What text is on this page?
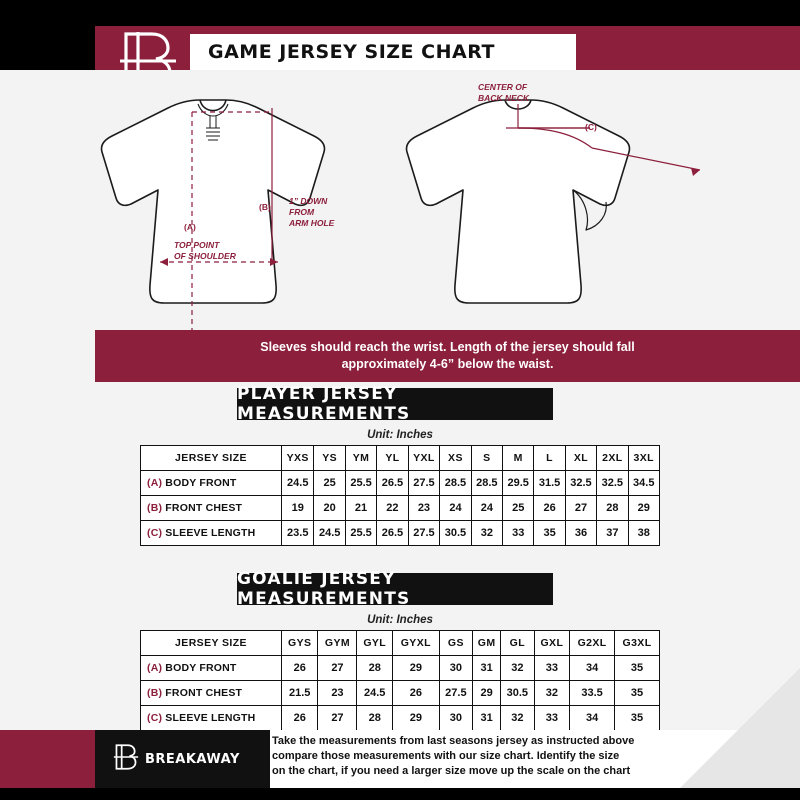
GAME JERSEY SIZE CHART
CENTER OF
BACK NECK
(C)
(A)
TOP POINT
OF SHOULDER
(B)
1” DOWN
FROM
ARM HOLE
Sleeves should reach the wrist. Length of the jersey should fall
approximately 4-6” below the waist.
PLAYER JERSEY MEASUREMENTS
Unit: Inches
JERSEY SIZE	YXS	YS	YM	YL	YXL	XS	S	M	L	XL	2XL	3XL
(A) BODY FRONT	24.5	25	25.5	26.5	27.5	28.5	28.5	29.5	31.5	32.5	32.5	34.5
(B) FRONT CHEST	19	20	21	22	23	24	24	25	26	27	28	29
(C) SLEEVE LENGTH	23.5	24.5	25.5	26.5	27.5	30.5	32	33	35	36	37	38
GOALIE JERSEY MEASUREMENTS
Unit: Inches
JERSEY SIZE	GYS	GYM	GYL	GYXL	GS	GM	GL	GXL	G2XL	G3XL
(A) BODY FRONT	26	27	28	29	30	31	32	33	34	35
(B) FRONT CHEST	21.5	23	24.5	26	27.5	29	30.5	32	33.5	35
(C) SLEEVE LENGTH	26	27	28	29	30	31	32	33	34	35
BREAKAWAY
Take the measurements from last seasons jersey as instructed above
compare those measurements with our size chart. Identify the size
on the chart, if you need a larger size move up the scale on the chart
